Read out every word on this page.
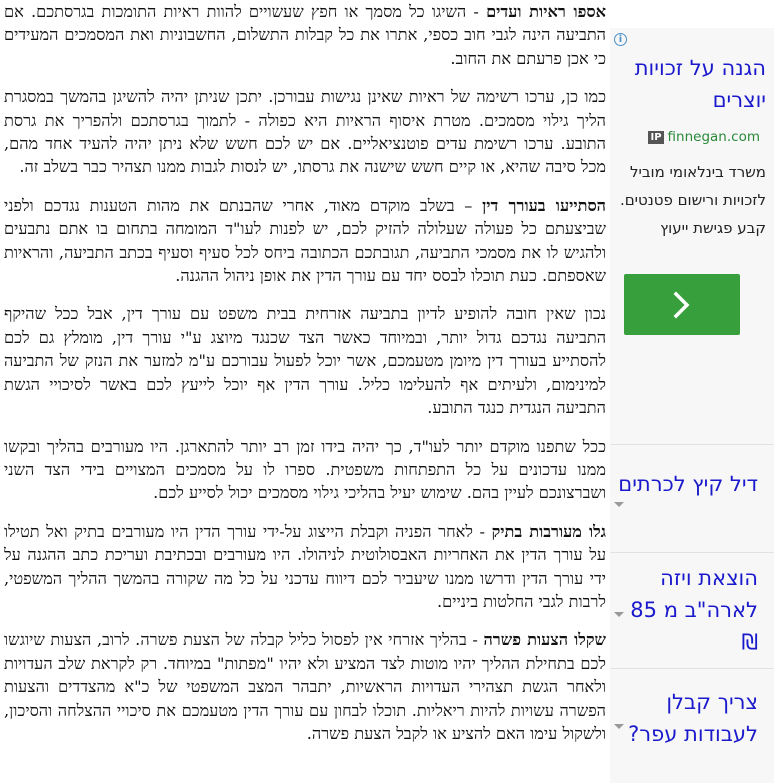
אספו ראיות ועדים - השיגו כל מסמך או חפץ שעשויים להוות ראיות התומכות בגרסתכם. אם התביעה הינה לגבי חוב כספי, אתרו את כל קבלות התשלום, החשבוניות ואת המסמכים המעידים כי אכן פרעתם את החוב.

כמו כן, ערכו רשימה של ראיות שאינן נגישות עבורכן. יתכן שניתן יהיה להשיגן בהמשך במסגרת הליך גילוי מסמכים. מטרת איסוף הראיות היא כפולה - לתמוך בגרסתכם ולהפריך את גרסת התובע. ערכו רשימת עדים פוטנציאליים. אם יש לכם חשש שלא ניתן יהיה להעיד אחד מהם, מכל סיבה שהיא, או קיים חשש שישנה את גרסתו, יש לנסות לגבות ממנו תצהיר כבר בשלב זה.

הסתייעו בעורך דין – בשלב מוקדם מאוד, אחרי שהבנתם את מהות הטענות נגדכם ולפני שביצעתם כל פעולה שעלולה להזיק לכם, יש לפנות לעו"ד המומחה בתחום בו אתם נתבעים ולהגיש לו את מסמכי התביעה, תגובתכם הכתובה ביחס לכל סעיף וסעיף בכתב התביעה, והראיות שאספתם. כעת תוכלו לבסס יחד עם עורך הדין את אופן ניהול ההגנה.

נכון שאין חובה להופיע לדיון בתביעה אזרחית בבית משפט עם עורך דין, אבל ככל שהיקף התביעה נגדכם גדול יותר, ובמיוחד כאשר הצד שכנגד מיוצג ע"י עורך דין, מומלץ גם לכם להסתייע בעורך דין מיומן מטעמכם, אשר יוכל לפעול עבורכם ע"מ למזער את הנזק של התביעה למינימום, ולעיתים אף להעלימו כליל. עורך הדין אף יוכל לייעץ לכם באשר לסיכויי הגשת התביעה הנגדית כנגד התובע.

ככל שתפנו מוקדם יותר לעו"ד, כך יהיה בידו זמן רב יותר להתארגן. היו מעורבים בהליך ובקשו ממנו עדכונים על כל התפתחות משפטית. ספרו לו על מסמכים המצויים בידי הצד השני ושברצונכם לעיין בהם. שימוש יעיל בהליכי גילוי מסמכים יכול לסייע לכם.

גלו מעורבות בתיק - לאחר הפניה וקבלת הייצוג על-ידי עורך הדין היו מעורבים בתיק ואל תטילו על עורך הדין את האחריות האבסולוטית לניהולו. היו מעורבים ובכתיבת ועריכת כתב ההגנה על ידי עורך הדין ודרשו ממנו שיעביר לכם דיווח עדכני על כל מה שקורה בהמשך ההליך המשפטי, לרבות לגבי החלטות ביניים.

שקלו הצעות פשרה - בהליך אזרחי אין לפסול כליל קבלה של הצעת פשרה. לרוב, הצעות שיוגשו לכם בתחילת ההליך יהיו מוטות לצד המציע ולא יהיו "מפתות" במיוחד. רק לקראת שלב העדויות ולאחר הגשת תצהירי העדויות הראשיות, יתבהר המצב המשפטי של כ"א מהצדדים והצעות הפשרה עשויות להיות ריאליות. תוכלו לבחון עם עורך הדין מטעמכם את סיכויי ההצלחה והסיכון, ולשקול עימו האם להציע או לקבל הצעת פשרה.

i
הגנה על זכויות יוצרים
IP finnegan.com
משרד בינלאומי מוביל לזכויות ורישום פטנטים. קבע פגישת ייעוץ
דיל קיץ לכרתים
הוצאת ויזה לארה"ב מ 85 ₪
צריך קבלן לעבודות עפר?
